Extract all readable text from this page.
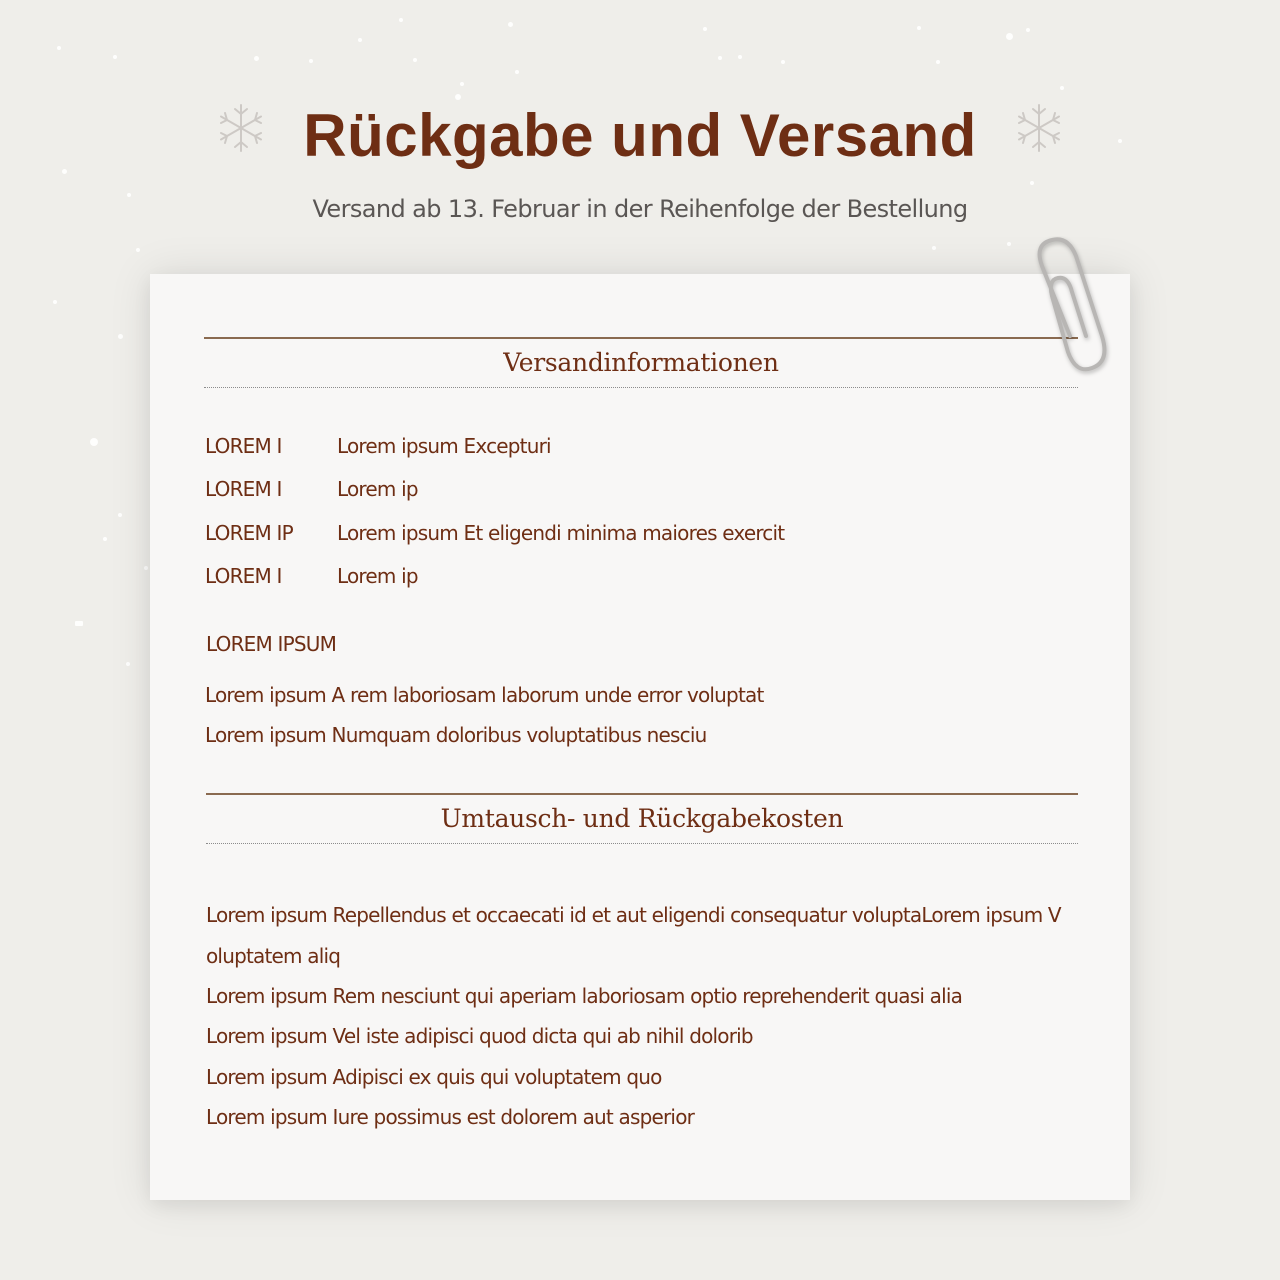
Rückgabe und Versand
Versand ab 13. Februar in der Reihenfolge der Bestellung
Versandinformationen
LOREM I	Lorem ipsum Excepturi
LOREM I	Lorem ip
LOREM IP Lorem ipsum Et eligendi minima maiores exercit
LOREM I	Lorem ip
LOREM IPSUM
Lorem ipsum A rem laboriosam laborum unde error voluptat
Lorem ipsum Numquam doloribus voluptatibus nesciu
Umtausch- und Rückgabekosten
Lorem ipsum Repellendus et occaecati id et aut eligendi consequatur voluptaLorem ipsum V
oluptatem aliq
Lorem ipsum Rem nesciunt qui aperiam laboriosam optio reprehenderit quasi alia
Lorem ipsum Vel iste adipisci quod dicta qui ab nihil dolorib
Lorem ipsum Adipisci ex quis qui voluptatem quo
Lorem ipsum Iure possimus est dolorem aut asperior
